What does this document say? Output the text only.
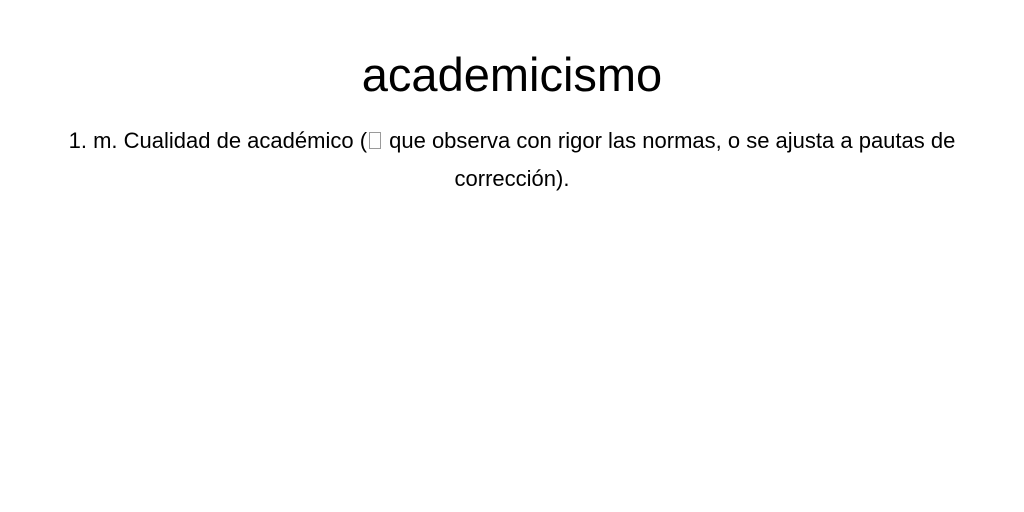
academicismo

1. m. Cualidad de académico ( que observa con rigor las normas, o se ajusta a pautas de corrección).
